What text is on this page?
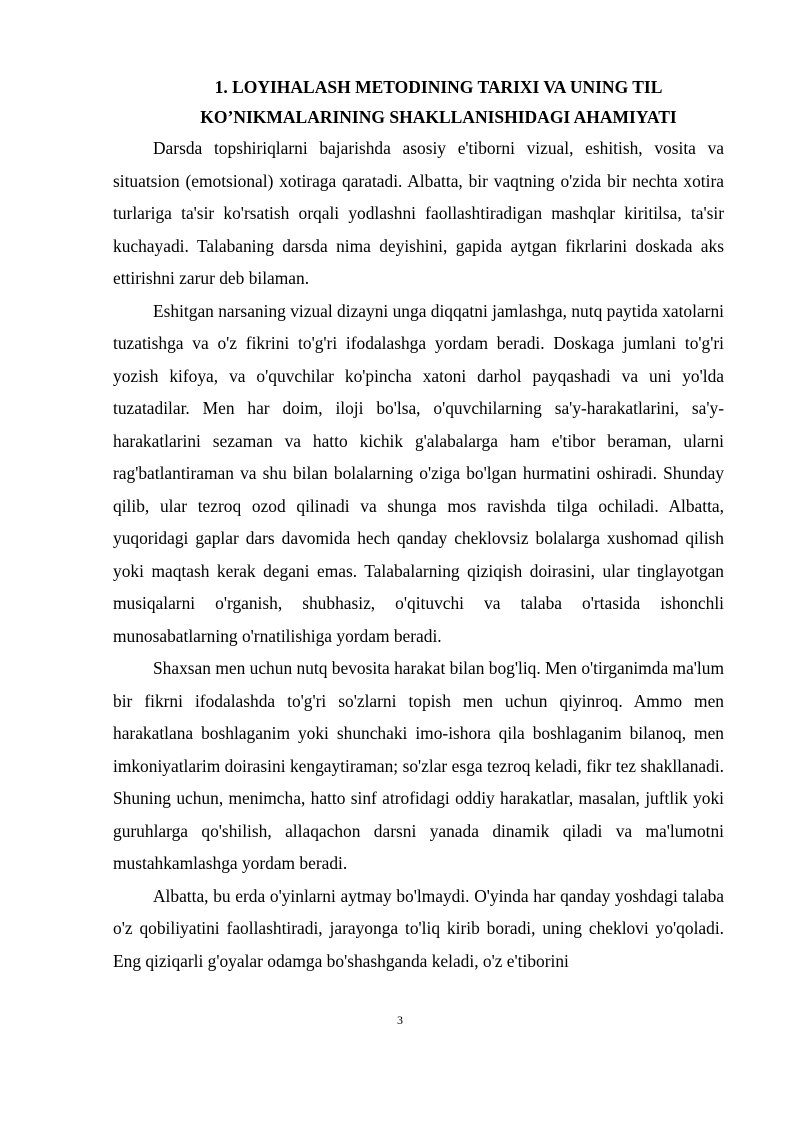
1. LOYIHALASH METODINING TARIXI VA UNING TIL
KO’NIKMALARINING SHAKLLANISHIDAGI AHAMIYATI

Darsda topshiriqlarni bajarishda asosiy e'tiborni vizual, eshitish, vosita va situatsion (emotsional) xotiraga qaratadi. Albatta, bir vaqtning o'zida bir nechta xotira turlariga ta'sir ko'rsatish orqali yodlashni faollashtiradigan mashqlar kiritilsa, ta'sir kuchayadi. Talabaning darsda nima deyishini, gapida aytgan fikrlarini doskada aks ettirishni zarur deb bilaman.

Eshitgan narsaning vizual dizayni unga diqqatni jamlashga, nutq paytida xatolarni tuzatishga va o'z fikrini to'g'ri ifodalashga yordam beradi. Doskaga jumlani to'g'ri yozish kifoya, va o'quvchilar ko'pincha xatoni darhol payqashadi va uni yo'lda tuzatadilar. Men har doim, iloji bo'lsa, o'quvchilarning sa'y-harakatlarini, sa'y-harakatlarini sezaman va hatto kichik g'alabalarga ham e'tibor beraman, ularni rag'batlantiraman va shu bilan bolalarning o'ziga bo'lgan hurmatini oshiradi. Shunday qilib, ular tezroq ozod qilinadi va shunga mos ravishda tilga ochiladi. Albatta, yuqoridagi gaplar dars davomida hech qanday cheklovsiz bolalarga xushomad qilish yoki maqtash kerak degani emas. Talabalarning qiziqish doirasini, ular tinglayotgan musiqalarni o'rganish, shubhasiz, o'qituvchi va talaba o'rtasida ishonchli munosabatlarning o'rnatilishiga yordam beradi.

Shaxsan men uchun nutq bevosita harakat bilan bog'liq. Men o'tirganimda ma'lum bir fikrni ifodalashda to'g'ri so'zlarni topish men uchun qiyinroq. Ammo men harakatlana boshlaganim yoki shunchaki imo-ishora qila boshlaganim bilanoq, men imkoniyatlarim doirasini kengaytiraman; so'zlar esga tezroq keladi, fikr tez shakllanadi. Shuning uchun, menimcha, hatto sinf atrofidagi oddiy harakatlar, masalan, juftlik yoki guruhlarga qo'shilish, allaqachon darsni yanada dinamik qiladi va ma'lumotni mustahkamlashga yordam beradi.

Albatta, bu erda o'yinlarni aytmay bo'lmaydi. O'yinda har qanday yoshdagi talaba o'z qobiliyatini faollashtiradi, jarayonga to'liq kirib boradi, uning cheklovi yo'qoladi. Eng qiziqarli g'oyalar odamga bo'shashganda keladi, o'z e'tiborini

3
